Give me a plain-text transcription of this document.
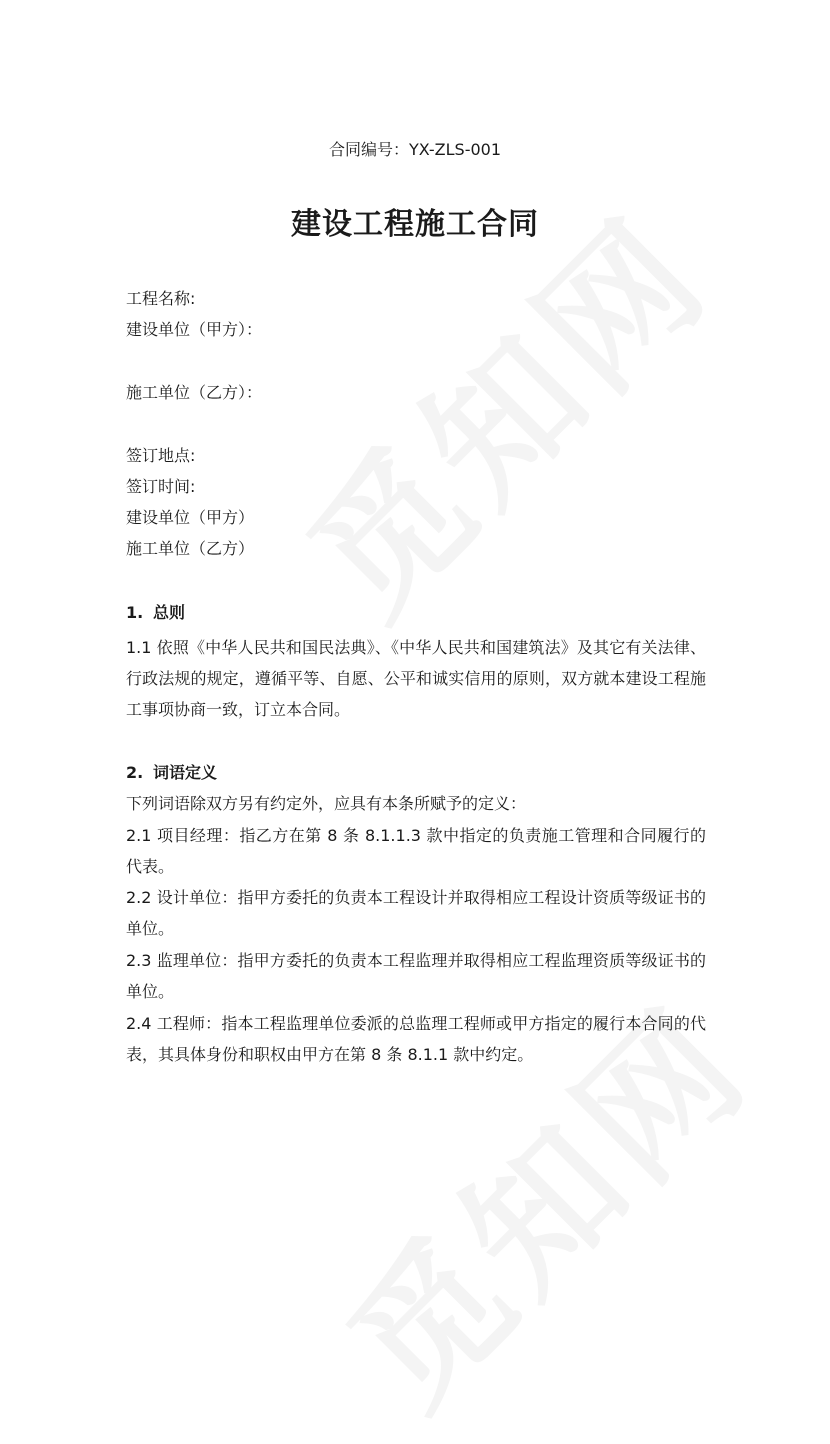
合同编号：YX-ZLS-001
建设工程施工合同
工程名称:
建设单位（甲方）：
施工单位（乙方）：
签订地点:
签订时间:
建设单位（甲方）
施工单位（乙方）
1. 总则
1.1 依照《中华人民共和国民法典》、《中华人民共和国建筑法》及其它有关法律、行政法规的规定，遵循平等、自愿、公平和诚实信用的原则，双方就本建设工程施工事项协商一致，订立本合同。
2. 词语定义
下列词语除双方另有约定外，应具有本条所赋予的定义：
2.1 项目经理：指乙方在第 8 条 8.1.1.3 款中指定的负责施工管理和合同履行的代表。
2.2 设计单位：指甲方委托的负责本工程设计并取得相应工程设计资质等级证书的单位。
2.3 监理单位：指甲方委托的负责本工程监理并取得相应工程监理资质等级证书的单位。
2.4 工程师：指本工程监理单位委派的总监理工程师或甲方指定的履行本合同的代表，其具体身份和职权由甲方在第 8 条 8.1.1 款中约定。
